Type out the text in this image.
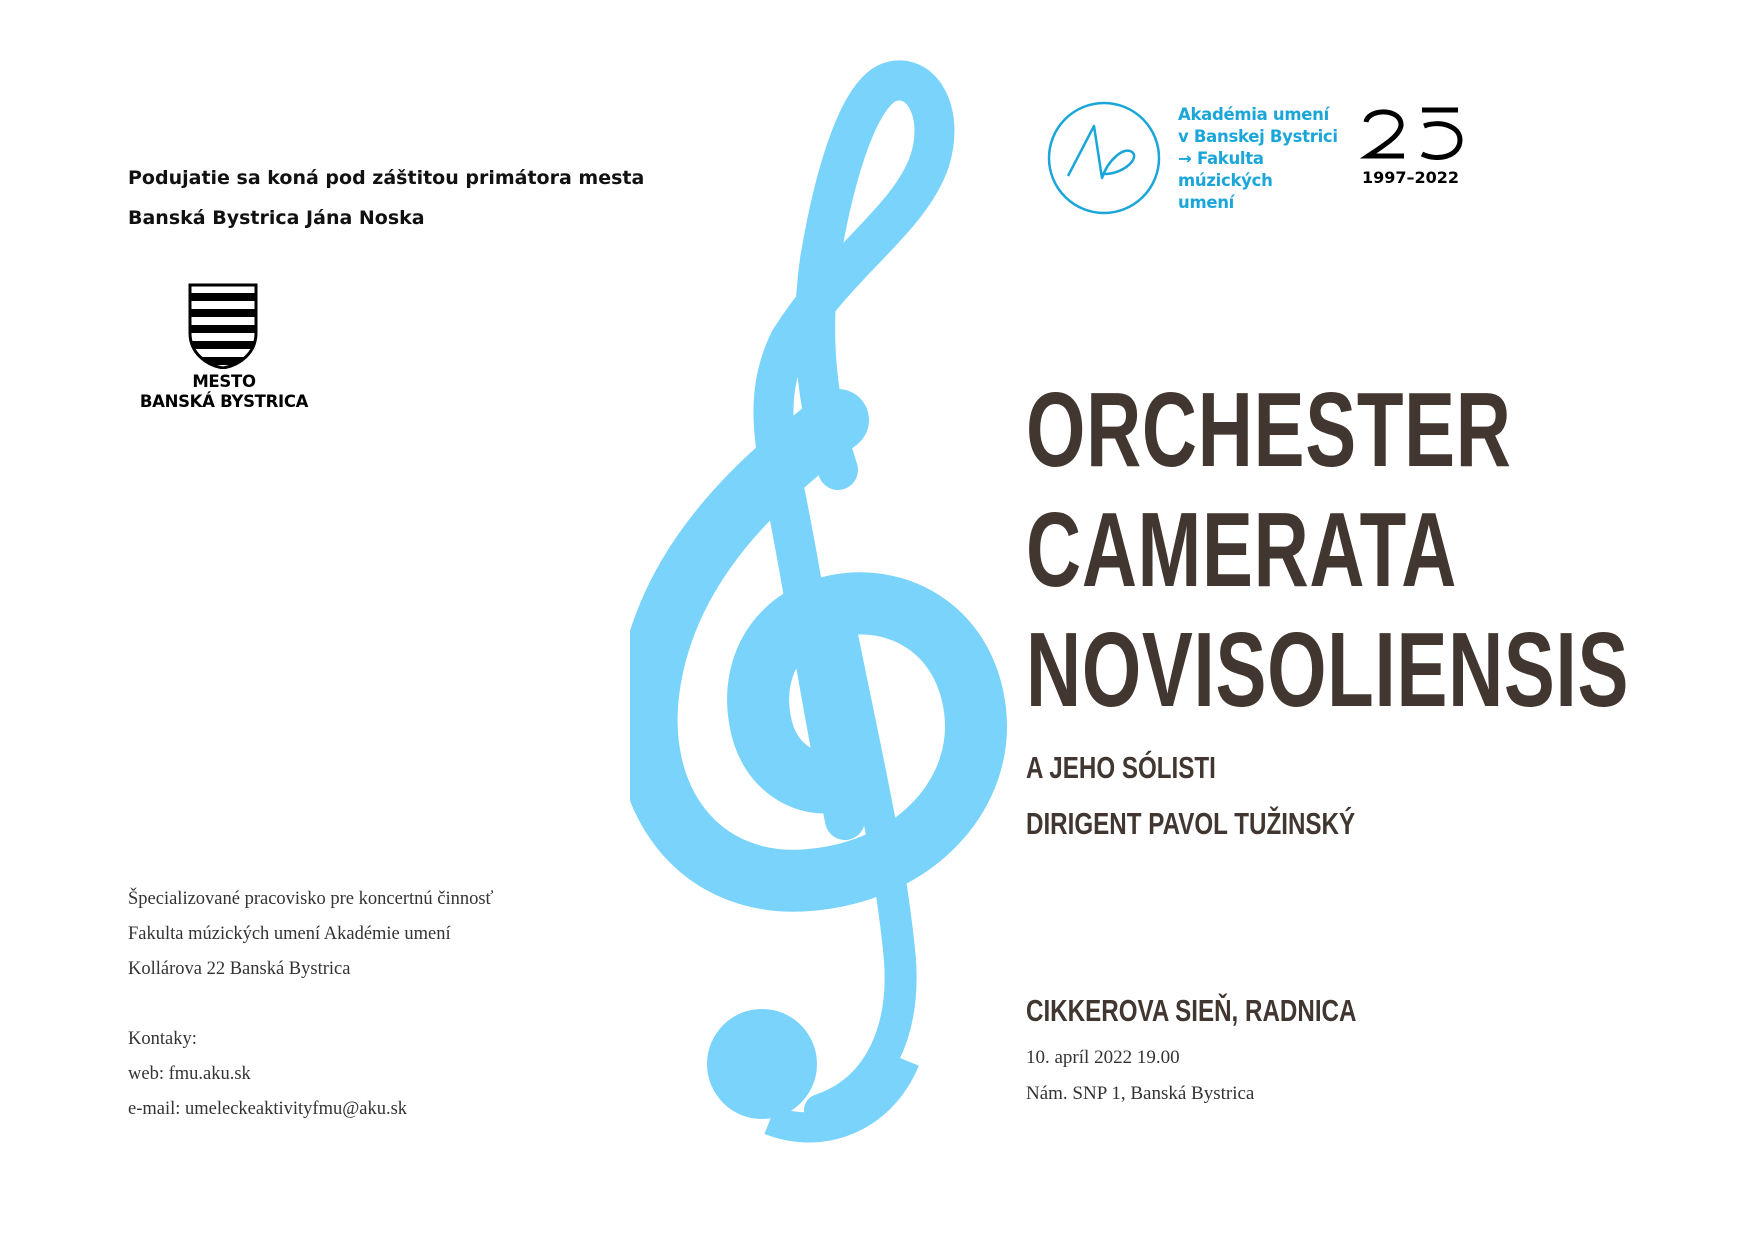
Podujatie sa koná pod záštitou primátora mesta
Banská Bystrica Jána Noska
MESTO
BANSKÁ BYSTRICA
Špecializované pracovisko pre koncertnú činnosť
Fakulta múzických umení Akadémie umení
Kollárova 22 Banská Bystrica
Kontaky:
web: fmu.aku.sk
e-mail: umeleckeaktivityfmu@aku.sk
Akadémia umení
v Banskej Bystrici
→ Fakulta
múzických
umení
1997–2022
ORCHESTER
CAMERATA
NOVISOLIENSIS
A JEHO SÓLISTI
DIRIGENT PAVOL TUŽINSKÝ
CIKKEROVA SIEŇ, RADNICA
10. apríl 2022 19.00
Nám. SNP 1, Banská Bystrica
